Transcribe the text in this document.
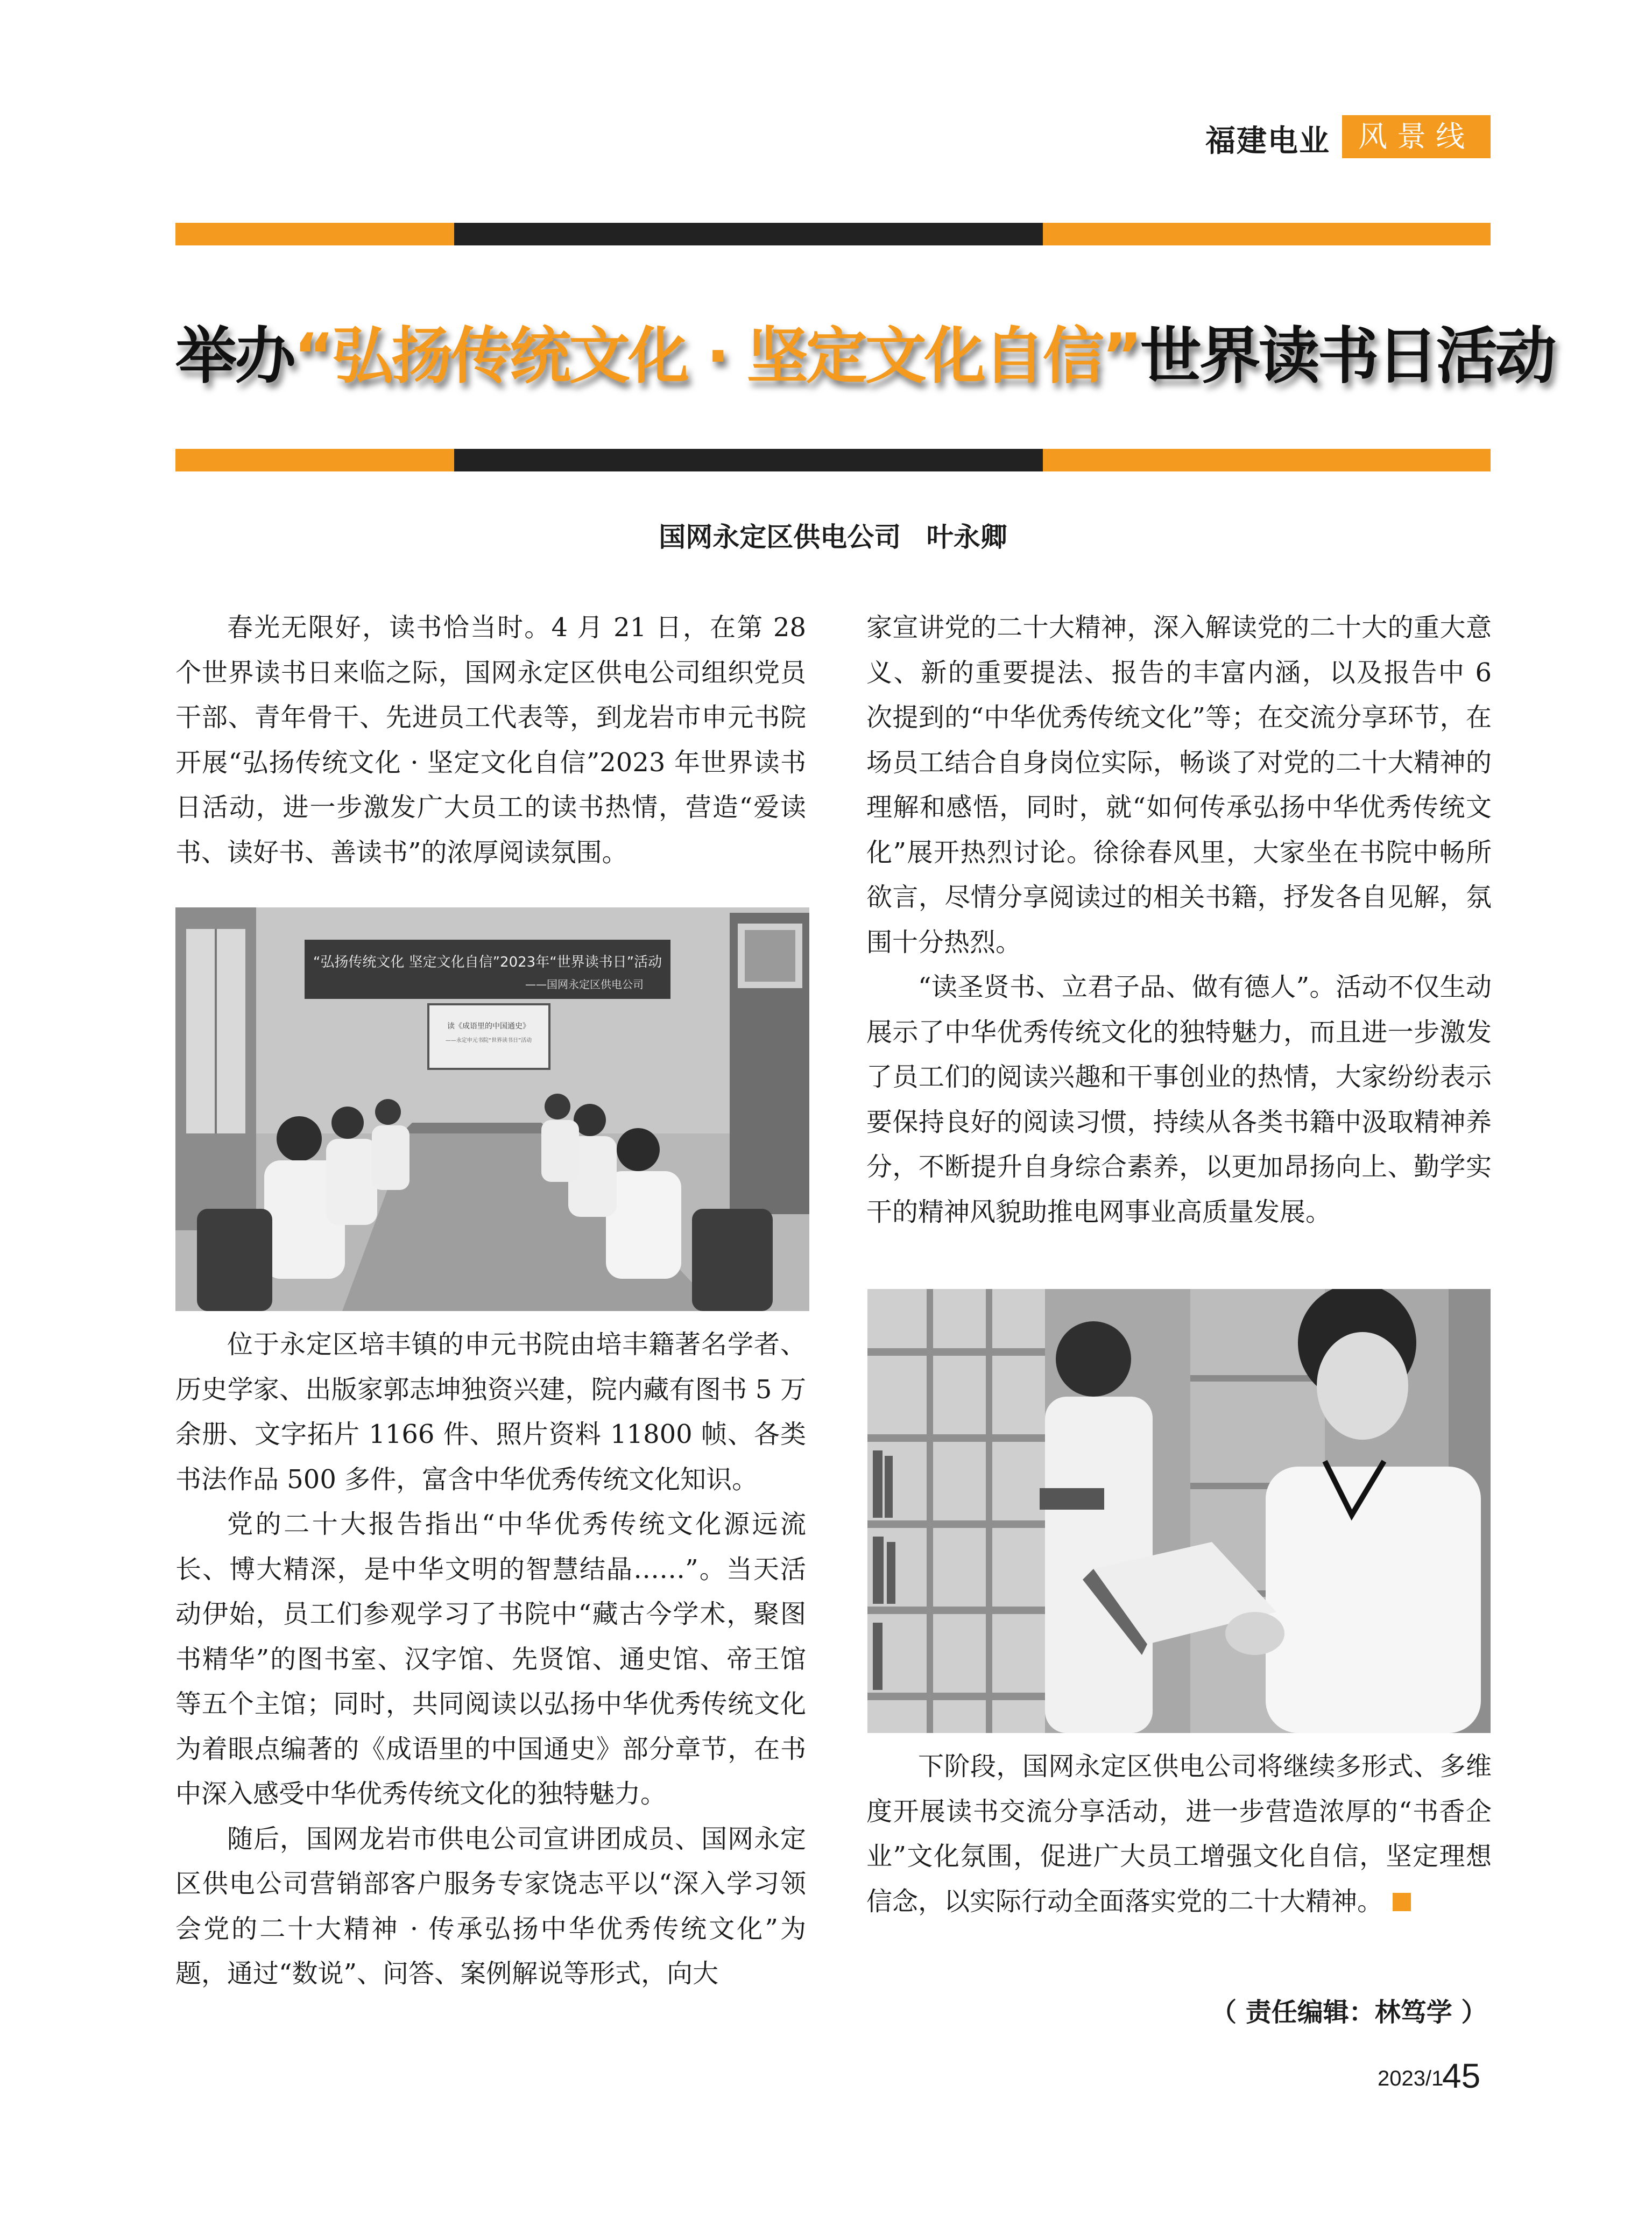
福建电业 风景线
举办“弘扬传统文化 · 坚定文化自信”世界读书日活动
国网永定区供电公司 叶永卿

春光无限好，读书恰当时。4 月 21 日，在第 28 个世界读书日来临之际，国网永定区供电公司组织党员干部、青年骨干、先进员工代表等，到龙岩市申元书院开展“弘扬传统文化 · 坚定文化自信”2023 年世界读书日活动，进一步激发广大员工的读书热情，营造“爱读书、读好书、善读书”的浓厚阅读氛围。

“弘扬传统文化 坚定文化自信”2023年“世界读书日”活动
——国网永定区供电公司
读《成语里的中国通史》
——永定申元书院“世界读书日”活动

位于永定区培丰镇的申元书院由培丰籍著名学者、历史学家、出版家郭志坤独资兴建，院内藏有图书 5 万余册、文字拓片 1166 件、照片资料 11800 帧、各类书法作品 500 多件，富含中华优秀传统文化知识。

党的二十大报告指出“中华优秀传统文化源远流长、博大精深，是中华文明的智慧结晶……”。当天活动伊始，员工们参观学习了书院中“藏古今学术，聚图书精华”的图书室、汉字馆、先贤馆、通史馆、帝王馆等五个主馆；同时，共同阅读以弘扬中华优秀传统文化为着眼点编著的《成语里的中国通史》部分章节，在书中深入感受中华优秀传统文化的独特魅力。

随后，国网龙岩市供电公司宣讲团成员、国网永定区供电公司营销部客户服务专家饶志平以“深入学习领会党的二十大精神 · 传承弘扬中华优秀传统文化”为题，通过“数说”、问答、案例解说等形式，向大

家宣讲党的二十大精神，深入解读党的二十大的重大意义、新的重要提法、报告的丰富内涵，以及报告中 6 次提到的“中华优秀传统文化”等；在交流分享环节，在场员工结合自身岗位实际，畅谈了对党的二十大精神的理解和感悟，同时，就“如何传承弘扬中华优秀传统文化”展开热烈讨论。徐徐春风里，大家坐在书院中畅所欲言，尽情分享阅读过的相关书籍，抒发各自见解，氛围十分热烈。

“读圣贤书、立君子品、做有德人”。活动不仅生动展示了中华优秀传统文化的独特魅力，而且进一步激发了员工们的阅读兴趣和干事创业的热情，大家纷纷表示要保持良好的阅读习惯，持续从各类书籍中汲取精神养分，不断提升自身综合素养，以更加昂扬向上、勤学实干的精神风貌助推电网事业高质量发展。

下阶段，国网永定区供电公司将继续多形式、多维度开展读书交流分享活动，进一步营造浓厚的“书香企业”文化氛围，促进广大员工增强文化自信，坚定理想信念，以实际行动全面落实党的二十大精神。

（ 责任编辑：林笃学 ）
2023/1
45
